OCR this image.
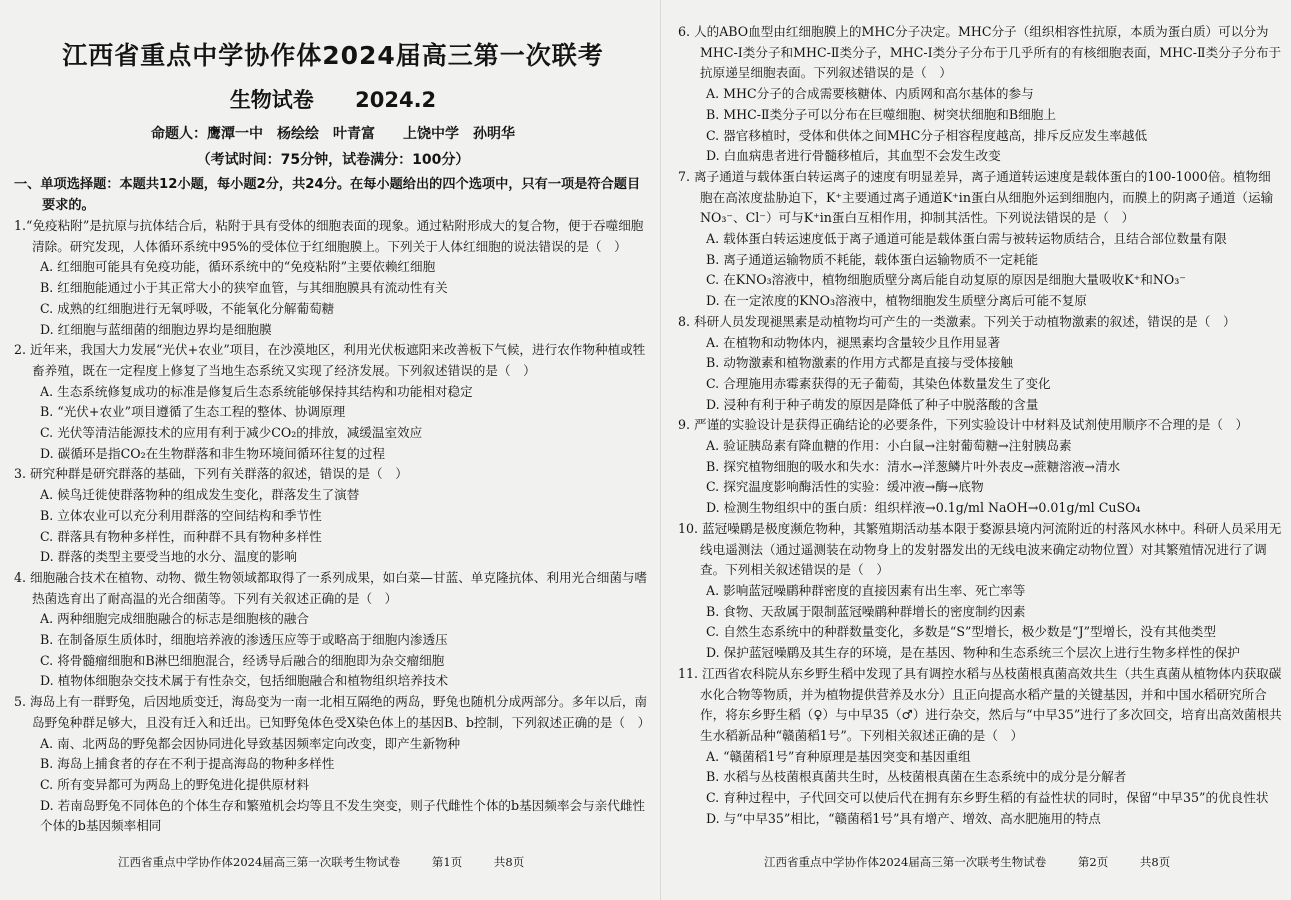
江西省重点中学协作体2024届高三第一次联考
生物试卷 2024.2
命题人：鹰潭一中　杨绘绘　叶青富　　上饶中学　孙明华
（考试时间：75分钟，试卷满分：100分）
一、单项选择题：本题共12小题，每小题2分，共24分。在每小题给出的四个选项中，只有一项是符合题目要求的。
1.“免疫粘附”是抗原与抗体结合后，粘附于具有受体的细胞表面的现象。通过粘附形成大的复合物，便于吞噬细胞清除。研究发现，人体循环系统中95%的受体位于红细胞膜上。下列关于人体红细胞的说法错误的是（　）
A. 红细胞可能具有免疫功能，循环系统中的“免疫粘附”主要依赖红细胞
B. 红细胞能通过小于其正常大小的狭窄血管，与其细胞膜具有流动性有关
C. 成熟的红细胞进行无氧呼吸，不能氧化分解葡萄糖
D. 红细胞与蓝细菌的细胞边界均是细胞膜
2. 近年来，我国大力发展“光伏+农业”项目，在沙漠地区，利用光伏板遮阳来改善板下气候，进行农作物种植或牲畜养殖，既在一定程度上修复了当地生态系统又实现了经济发展。下列叙述错误的是（　）
A. 生态系统修复成功的标准是修复后生态系统能够保持其结构和功能相对稳定
B. “光伏+农业”项目遵循了生态工程的整体、协调原理
C. 光伏等清洁能源技术的应用有利于减少CO₂的排放，减缓温室效应
D. 碳循环是指CO₂在生物群落和非生物环境间循环往复的过程
3. 研究种群是研究群落的基础，下列有关群落的叙述，错误的是（　）
A. 候鸟迁徙使群落物种的组成发生变化，群落发生了演替
B. 立体农业可以充分利用群落的空间结构和季节性
C. 群落具有物种多样性，而种群不具有物种多样性
D. 群落的类型主要受当地的水分、温度的影响
4. 细胞融合技术在植物、动物、微生物领域都取得了一系列成果，如白菜—甘蓝、单克隆抗体、利用光合细菌与嗜热菌选育出了耐高温的光合细菌等。下列有关叙述正确的是（　）
A. 两种细胞完成细胞融合的标志是细胞核的融合
B. 在制备原生质体时，细胞培养液的渗透压应等于或略高于细胞内渗透压
C. 将骨髓瘤细胞和B淋巴细胞混合，经诱导后融合的细胞即为杂交瘤细胞
D. 植物体细胞杂交技术属于有性杂交，包括细胞融合和植物组织培养技术
5. 海岛上有一群野兔，后因地质变迁，海岛变为一南一北相互隔绝的两岛，野兔也随机分成两部分。多年以后，南岛野兔种群足够大，且没有迁入和迁出。已知野兔体色受X染色体上的基因B、b控制，下列叙述正确的是（　）
A. 南、北两岛的野兔都会因协同进化导致基因频率定向改变，即产生新物种
B. 海岛上捕食者的存在不利于提高海岛的物种多样性
C. 所有变异都可为两岛上的野兔进化提供原材料
D. 若南岛野兔不同体色的个体生存和繁殖机会均等且不发生突变，则子代雌性个体的b基因频率会与亲代雌性个体的b基因频率相同
江西省重点中学协作体2024届高三第一次联考生物试卷	第1页	共8页
6. 人的ABO血型由红细胞膜上的MHC分子决定。MHC分子（组织相容性抗原，本质为蛋白质）可以分为MHC-Ⅰ类分子和MHC-Ⅱ类分子，MHC-Ⅰ类分子分布于几乎所有的有核细胞表面，MHC-Ⅱ类分子分布于抗原递呈细胞表面。下列叙述错误的是（　）
A. MHC分子的合成需要核糖体、内质网和高尔基体的参与
B. MHC-Ⅱ类分子可以分布在巨噬细胞、树突状细胞和B细胞上
C. 器官移植时，受体和供体之间MHC分子相容程度越高，排斥反应发生率越低
D. 白血病患者进行骨髓移植后，其血型不会发生改变
7. 离子通道与载体蛋白转运离子的速度有明显差异，离子通道转运速度是载体蛋白的100-1000倍。植物细胞在高浓度盐胁迫下，K⁺主要通过离子通道K⁺in蛋白从细胞外运到细胞内，而膜上的阴离子通道（运输NO₃⁻、Cl⁻）可与K⁺in蛋白互相作用，抑制其活性。下列说法错误的是（　）
A. 载体蛋白转运速度低于离子通道可能是载体蛋白需与被转运物质结合，且结合部位数量有限
B. 离子通道运输物质不耗能，载体蛋白运输物质不一定耗能
C. 在KNO₃溶液中，植物细胞质壁分离后能自动复原的原因是细胞大量吸收K⁺和NO₃⁻
D. 在一定浓度的KNO₃溶液中，植物细胞发生质壁分离后可能不复原
8. 科研人员发现褪黑素是动植物均可产生的一类激素。下列关于动植物激素的叙述，错误的是（　）
A. 在植物和动物体内，褪黑素均含量较少且作用显著
B. 动物激素和植物激素的作用方式都是直接与受体接触
C. 合理施用赤霉素获得的无子葡萄，其染色体数量发生了变化
D. 浸种有利于种子萌发的原因是降低了种子中脱落酸的含量
9. 严谨的实验设计是获得正确结论的必要条件，下列实验设计中材料及试剂使用顺序不合理的是（　）
A. 验证胰岛素有降血糖的作用：小白鼠→注射葡萄糖→注射胰岛素
B. 探究植物细胞的吸水和失水：清水→洋葱鳞片叶外表皮→蔗糖溶液→清水
C. 探究温度影响酶活性的实验：缓冲液→酶→底物
D. 检测生物组织中的蛋白质：组织样液→0.1g/ml NaOH→0.01g/ml CuSO₄
10. 蓝冠噪鹛是极度濒危物种，其繁殖期活动基本限于婺源县境内河流附近的村落风水林中。科研人员采用无线电遥测法（通过遥测装在动物身上的发射器发出的无线电波来确定动物位置）对其繁殖情况进行了调查。下列相关叙述错误的是（　）
A. 影响蓝冠噪鹛种群密度的直接因素有出生率、死亡率等
B. 食物、天敌属于限制蓝冠噪鹛种群增长的密度制约因素
C. 自然生态系统中的种群数量变化，多数是“S”型增长，极少数是“J”型增长，没有其他类型
D. 保护蓝冠噪鹛及其生存的环境，是在基因、物种和生态系统三个层次上进行生物多样性的保护
11. 江西省农科院从东乡野生稻中发现了具有调控水稻与丛枝菌根真菌高效共生（共生真菌从植物体内获取碳水化合物等物质，并为植物提供营养及水分）且正向提高水稻产量的关键基因，并和中国水稻研究所合作，将东乡野生稻（♀）与中早35（♂）进行杂交，然后与“中早35”进行了多次回交，培育出高效菌根共生水稻新品种“赣菌稻1号”。下列相关叙述正确的是（　）
A. “赣菌稻1号”育种原理是基因突变和基因重组
B. 水稻与丛枝菌根真菌共生时，丛枝菌根真菌在生态系统中的成分是分解者
C. 育种过程中，子代回交可以使后代在拥有东乡野生稻的有益性状的同时，保留“中早35”的优良性状
D. 与“中早35”相比，“赣菌稻1号”具有增产、增效、高水肥施用的特点
江西省重点中学协作体2024届高三第一次联考生物试卷	第2页	共8页
